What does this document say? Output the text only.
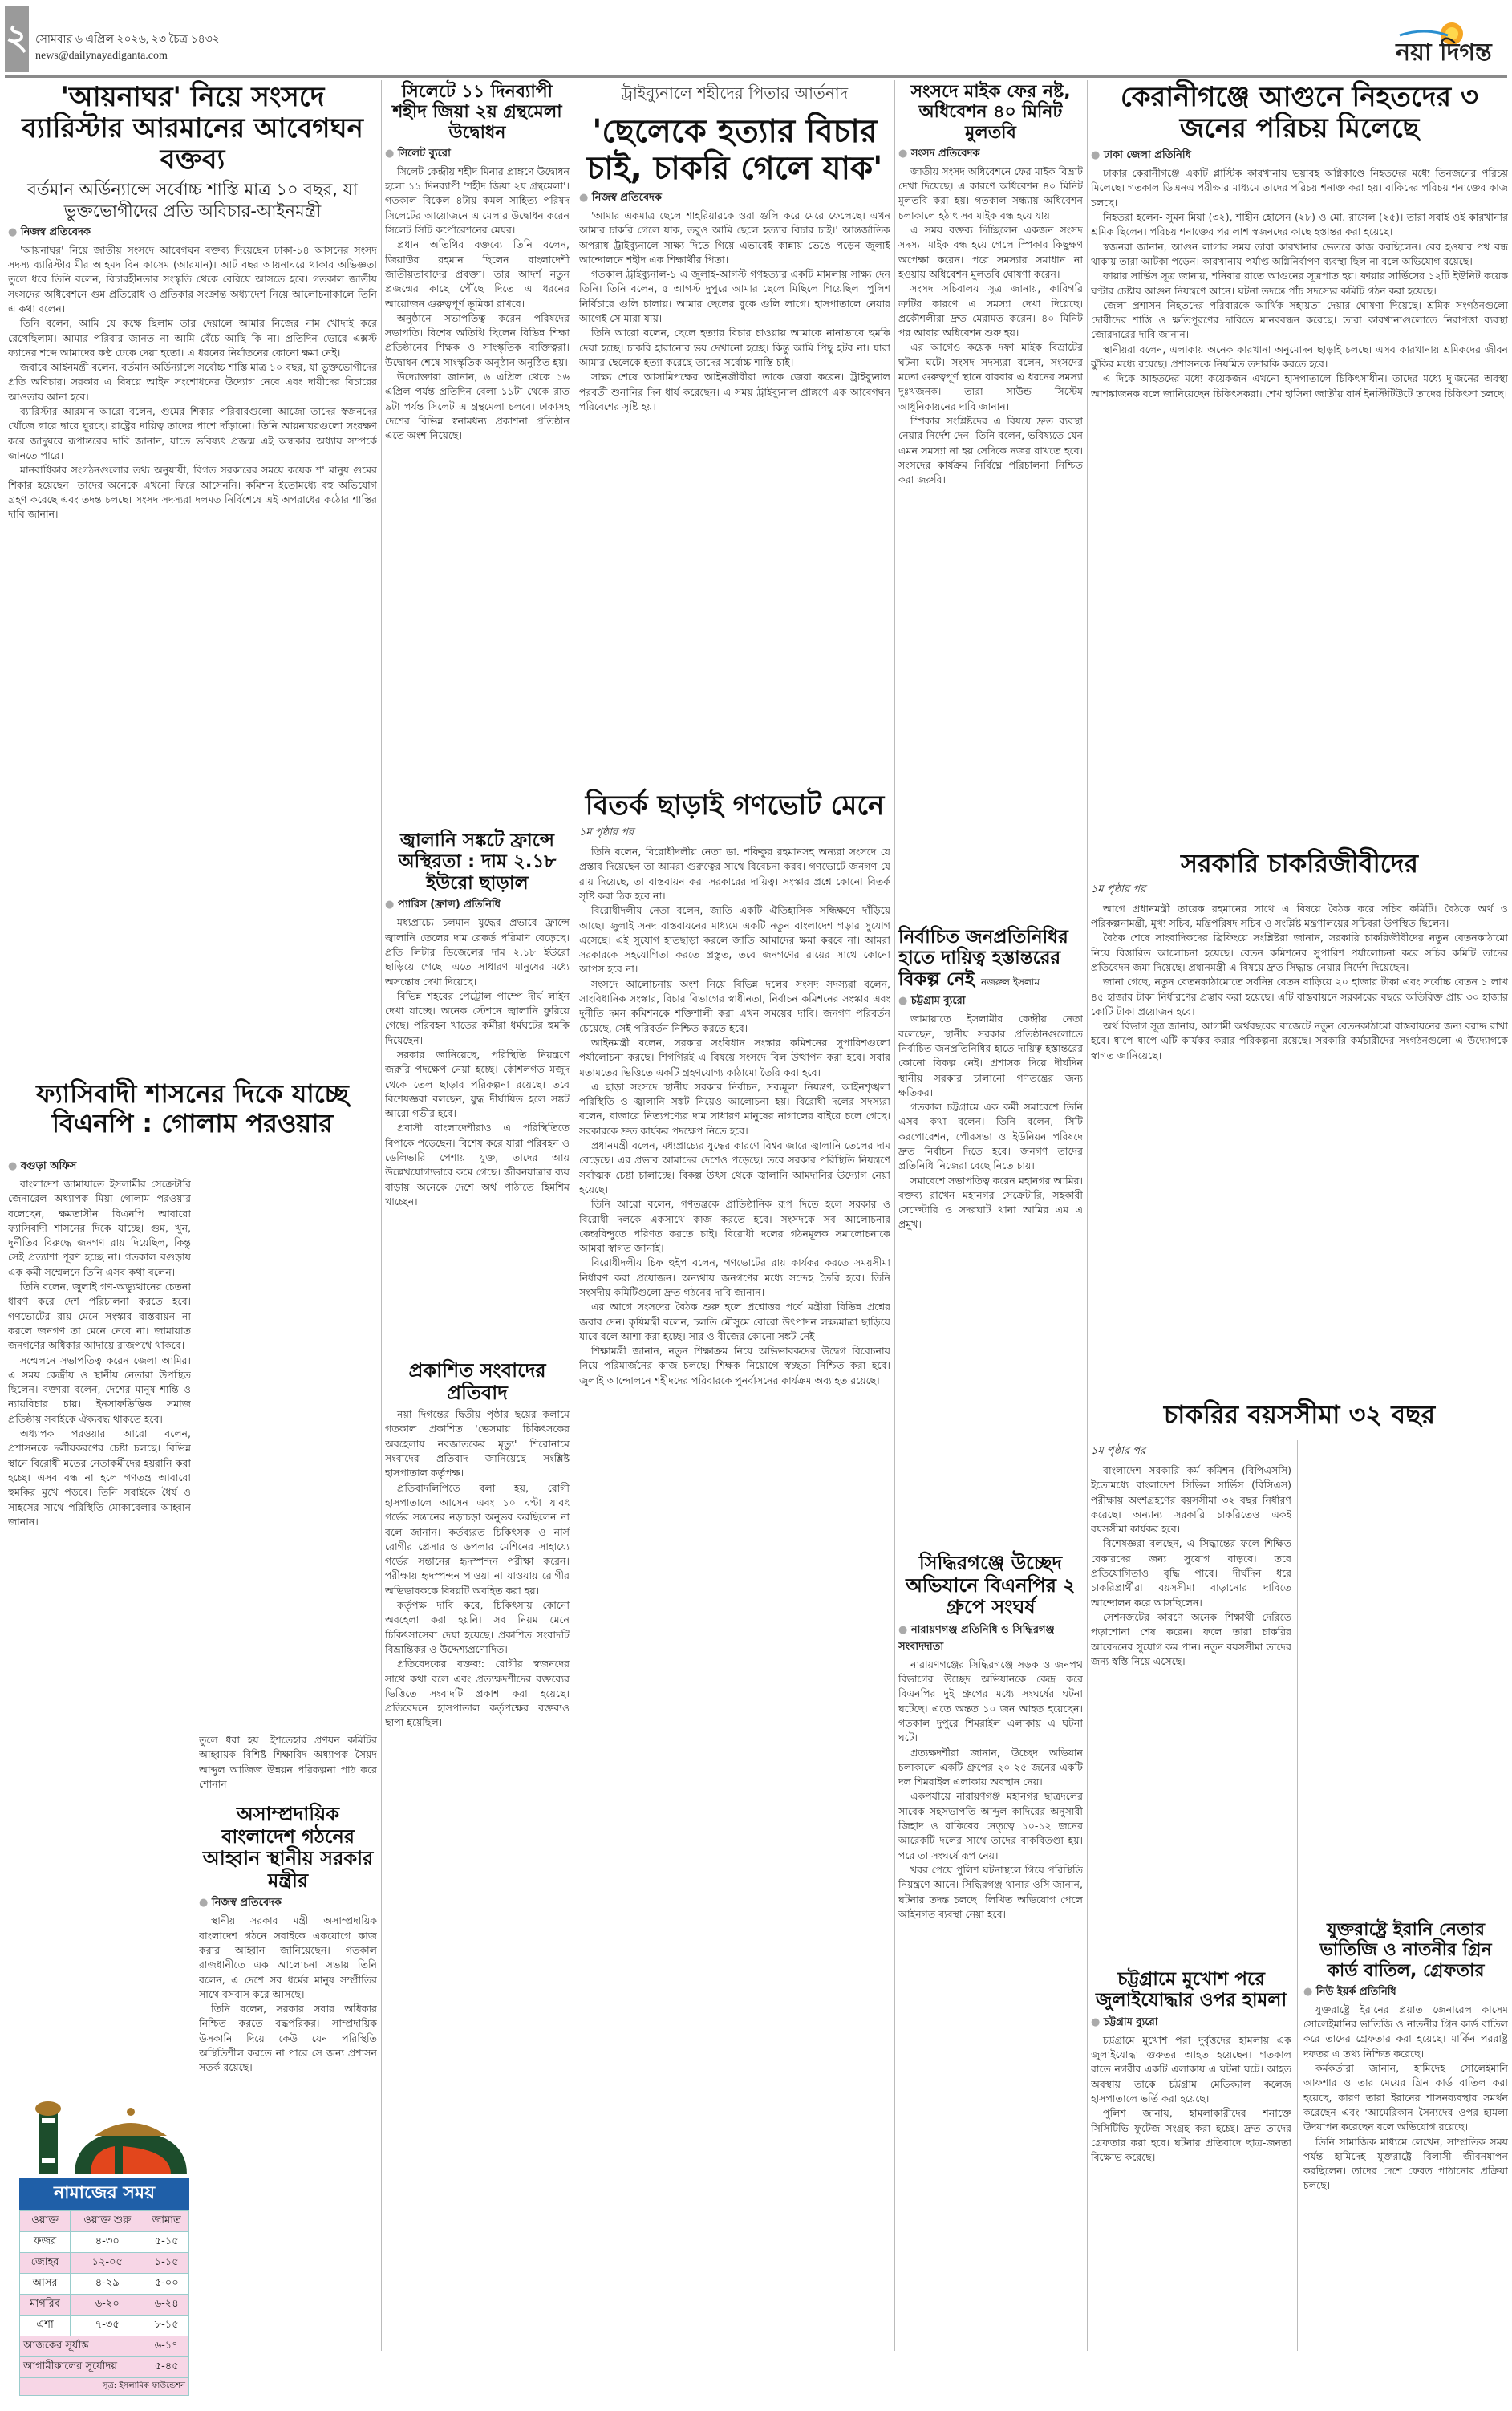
২ সোমবার ৬ এপ্রিল ২০২৬, ২৩ চৈত্র ১৪৩২
news@dailynayadiganta.com	নয়া দিগন্ত
'আয়নাঘর' নিয়ে সংসদে ব্যারিস্টার আরমানের আবেগঘন বক্তব্য
বর্তমান অর্ডিন্যান্সে সর্বোচ্চ শাস্তি মাত্র ১০ বছর, যা ভুক্তভোগীদের প্রতি অবিচার-আইনমন্ত্রী
● নিজস্ব প্রতিবেদক

'আয়নাঘর' নিয়ে জাতীয় সংসদে আবেগঘন বক্তব্য দিয়েছেন ঢাকা-১৪ আসনের সংসদ সদস্য ব্যারিস্টার মীর আহমদ বিন কাসেম (আরমান)। আট বছর আয়নাঘরে থাকার অভিজ্ঞতা তুলে ধরে তিনি বলেন, বিচারহীনতার সংস্কৃতি থেকে বেরিয়ে আসতে হবে। গতকাল জাতীয় সংসদের অধিবেশনে গুম প্রতিরোধ ও প্রতিকার সংক্রান্ত অধ্যাদেশ নিয়ে আলোচনাকালে তিনি এ কথা বলেন।

তিনি বলেন, আমি যে কক্ষে ছিলাম তার দেয়ালে আমার নিজের নাম খোদাই করে রেখেছিলাম। আমার পরিবার জানত না আমি বেঁচে আছি কি না। প্রতিদিন ভোরে এক্সস্ট ফ্যানের শব্দে আমাদের কণ্ঠ ঢেকে দেয়া হতো। এ ধরনের নির্যাতনের কোনো ক্ষমা নেই।

জবাবে আইনমন্ত্রী বলেন, বর্তমান অর্ডিন্যান্সে সর্বোচ্চ শাস্তি মাত্র ১০ বছর, যা ভুক্তভোগীদের প্রতি অবিচার। সরকার এ বিষয়ে আইন সংশোধনের উদ্যোগ নেবে এবং দায়ীদের বিচারের আওতায় আনা হবে।

ব্যারিস্টার আরমান আরো বলেন, গুমের শিকার পরিবারগুলো আজো তাদের স্বজনদের খোঁজে দ্বারে দ্বারে ঘুরছে। রাষ্ট্রের দায়িত্ব তাদের পাশে দাঁড়ানো। তিনি আয়নাঘরগুলো সংরক্ষণ করে জাদুঘরে রূপান্তরের দাবি জানান, যাতে ভবিষ্যৎ প্রজন্ম এই অন্ধকার অধ্যায় সম্পর্কে জানতে পারে।

মানবাধিকার সংগঠনগুলোর তথ্য অনুযায়ী, বিগত সরকারের সময়ে কয়েক শ' মানুষ গুমের শিকার হয়েছেন। তাদের অনেকে এখনো ফিরে আসেননি। কমিশন ইতোমধ্যে বহু অভিযোগ গ্রহণ করেছে এবং তদন্ত চলছে। সংসদ সদস্যরা দলমত নির্বিশেষে এই অপরাধের কঠোর শাস্তির দাবি জানান।

ফ্যাসিবাদী শাসনের দিকে যাচ্ছে বিএনপি : গোলাম পরওয়ার
● বগুড়া অফিস

বাংলাদেশ জামায়াতে ইসলামীর সেক্রেটারি জেনারেল অধ্যাপক মিয়া গোলাম পরওয়ার বলেছেন, ক্ষমতাসীন বিএনপি আবারো ফ্যাসিবাদী শাসনের দিকে যাচ্ছে। গুম, খুন, দুর্নীতির বিরুদ্ধে জনগণ রায় দিয়েছিল, কিন্তু সেই প্রত্যাশা পূরণ হচ্ছে না। গতকাল বগুড়ায় এক কর্মী সম্মেলনে তিনি এসব কথা বলেন।

তিনি বলেন, জুলাই গণ-অভ্যুত্থানের চেতনা ধারণ করে দেশ পরিচালনা করতে হবে। গণভোটের রায় মেনে সংস্কার বাস্তবায়ন না করলে জনগণ তা মেনে নেবে না। জামায়াত জনগণের অধিকার আদায়ে রাজপথে থাকবে।

সম্মেলনে সভাপতিত্ব করেন জেলা আমির। এ সময় কেন্দ্রীয় ও স্থানীয় নেতারা উপস্থিত ছিলেন। বক্তারা বলেন, দেশের মানুষ শান্তি ও ন্যায়বিচার চায়। ইনসাফভিত্তিক সমাজ প্রতিষ্ঠায় সবাইকে ঐক্যবদ্ধ থাকতে হবে।

অধ্যাপক পরওয়ার আরো বলেন, প্রশাসনকে দলীয়করণের চেষ্টা চলছে। বিভিন্ন স্থানে বিরোধী মতের নেতাকর্মীদের হয়রানি করা হচ্ছে। এসব বন্ধ না হলে গণতন্ত্র আবারো হুমকির মুখে পড়বে। তিনি সবাইকে ধৈর্য ও সাহসের সাথে পরিস্থিতি মোকাবেলার আহ্বান জানান।

তুলে ধরা হয়। ইশতেহার প্রণয়ন কমিটির আহ্বায়ক বিশিষ্ট শিক্ষাবিদ অধ্যাপক সৈয়দ আব্দুল আজিজ উন্নয়ন পরিকল্পনা পাঠ করে শোনান।
অসাম্প্রদায়িক বাংলাদেশ গঠনের আহ্বান স্থানীয় সরকার মন্ত্রীর
● নিজস্ব প্রতিবেদক

স্থানীয় সরকার মন্ত্রী অসাম্প্রদায়িক বাংলাদেশ গঠনে সবাইকে একযোগে কাজ করার আহ্বান জানিয়েছেন। গতকাল রাজধানীতে এক আলোচনা সভায় তিনি বলেন, এ দেশে সব ধর্মের মানুষ সম্প্রীতির সাথে বসবাস করে আসছে।

তিনি বলেন, সরকার সবার অধিকার নিশ্চিত করতে বদ্ধপরিকর। সাম্প্রদায়িক উসকানি দিয়ে কেউ যেন পরিস্থিতি অস্থিতিশীল করতে না পারে সে জন্য প্রশাসন সতর্ক রয়েছে।

নামাজের সময়
ওয়াক্ত	ওয়াক্ত শুরু	জামাত
ফজর	৪-৩০	৫-১৫
জোহর	১২-০৫	১-১৫
আসর	৪-২৯	৫-০০
মাগরিব	৬-২০	৬-২৪
এশা	৭-৩৫	৮-১৫
আজকের সূর্যাস্ত		৬-১৭
আগামীকালের সূর্যোদয়		৫-৪৫
সূত্র: ইসলামিক ফাউন্ডেশন		
সিলেটে ১১ দিনব্যাপী শহীদ জিয়া ২য় গ্রন্থমেলা উদ্বোধন
● সিলেট ব্যুরো

সিলেট কেন্দ্রীয় শহীদ মিনার প্রাঙ্গণে উদ্বোধন হলো ১১ দিনব্যাপী 'শহীদ জিয়া ২য় গ্রন্থমেলা'। গতকাল বিকেল ৪টায় কমল সাহিত্য পরিষদ সিলেটের আয়োজনে এ মেলার উদ্বোধন করেন সিলেট সিটি কর্পোরেশনের মেয়র।

প্রধান অতিথির বক্তব্যে তিনি বলেন, জিয়াউর রহমান ছিলেন বাংলাদেশী জাতীয়তাবাদের প্রবক্তা। তার আদর্শ নতুন প্রজন্মের কাছে পৌঁছে দিতে এ ধরনের আয়োজন গুরুত্বপূর্ণ ভূমিকা রাখবে।

অনুষ্ঠানে সভাপতিত্ব করেন পরিষদের সভাপতি। বিশেষ অতিথি ছিলেন বিভিন্ন শিক্ষা প্রতিষ্ঠানের শিক্ষক ও সাংস্কৃতিক ব্যক্তিত্বরা। উদ্বোধন শেষে সাংস্কৃতিক অনুষ্ঠান অনুষ্ঠিত হয়।

উদ্যোক্তারা জানান, ৬ এপ্রিল থেকে ১৬ এপ্রিল পর্যন্ত প্রতিদিন বেলা ১১টা থেকে রাত ৯টা পর্যন্ত সিলেট এ গ্রন্থমেলা চলবে। ঢাকাসহ দেশের বিভিন্ন স্বনামধন্য প্রকাশনা প্রতিষ্ঠান এতে অংশ নিয়েছে।

জ্বালানি সঙ্কটে ফ্রান্সে অস্থিরতা : দাম ২.১৮ ইউরো ছাড়াল
● প্যারিস (ফ্রান্স) প্রতিনিধি

মধ্যপ্রাচ্যে চলমান যুদ্ধের প্রভাবে ফ্রান্সে জ্বালানি তেলের দাম রেকর্ড পরিমাণ বেড়েছে। প্রতি লিটার ডিজেলের দাম ২.১৮ ইউরো ছাড়িয়ে গেছে। এতে সাধারণ মানুষের মধ্যে অসন্তোষ দেখা দিয়েছে।

বিভিন্ন শহরের পেট্রোল পাম্পে দীর্ঘ লাইন দেখা যাচ্ছে। অনেক স্টেশনে জ্বালানি ফুরিয়ে গেছে। পরিবহন খাতের কর্মীরা ধর্মঘটের হুমকি দিয়েছেন।

সরকার জানিয়েছে, পরিস্থিতি নিয়ন্ত্রণে জরুরি পদক্ষেপ নেয়া হচ্ছে। কৌশলগত মজুদ থেকে তেল ছাড়ার পরিকল্পনা রয়েছে। তবে বিশেষজ্ঞরা বলছেন, যুদ্ধ দীর্ঘায়িত হলে সঙ্কট আরো গভীর হবে।

প্রবাসী বাংলাদেশীরাও এ পরিস্থিতিতে বিপাকে পড়েছেন। বিশেষ করে যারা পরিবহন ও ডেলিভারি পেশায় যুক্ত, তাদের আয় উল্লেখযোগ্যভাবে কমে গেছে। জীবনযাত্রার ব্যয় বাড়ায় অনেকে দেশে অর্থ পাঠাতে হিমশিম খাচ্ছেন।

প্রকাশিত সংবাদের প্রতিবাদ

নয়া দিগন্তের দ্বিতীয় পৃষ্ঠার ছয়ের কলামে গতকাল প্রকাশিত 'ভেসমায় চিকিৎসকের অবহেলায় নবজাতকের মৃত্যু' শিরোনামে সংবাদের প্রতিবাদ জানিয়েছে সংশ্লিষ্ট হাসপাতাল কর্তৃপক্ষ।

প্রতিবাদলিপিতে বলা হয়, রোগী হাসপাতালে আসেন এবং ১০ ঘণ্টা যাবৎ গর্ভের সন্তানের নড়াচড়া অনুভব করছিলেন না বলে জানান। কর্তব্যরত চিকিৎসক ও নার্স রোগীর প্রেসার ও ডপলার মেশিনের সাহায্যে গর্ভের সন্তানের হৃদস্পন্দন পরীক্ষা করেন। পরীক্ষায় হৃদস্পন্দন পাওয়া না যাওয়ায় রোগীর অভিভাবককে বিষয়টি অবহিত করা হয়।

কর্তৃপক্ষ দাবি করে, চিকিৎসায় কোনো অবহেলা করা হয়নি। সব নিয়ম মেনে চিকিৎসাসেবা দেয়া হয়েছে। প্রকাশিত সংবাদটি বিভ্রান্তিকর ও উদ্দেশ্যপ্রণোদিত।

প্রতিবেদকের বক্তব্য: রোগীর স্বজনদের সাথে কথা বলে এবং প্রত্যক্ষদর্শীদের বক্তব্যের ভিত্তিতে সংবাদটি প্রকাশ করা হয়েছে। প্রতিবেদনে হাসপাতাল কর্তৃপক্ষের বক্তব্যও ছাপা হয়েছিল।

ট্রাইব্যুনালে শহীদের পিতার আর্তনাদ
'ছেলেকে হত্যার বিচার চাই, চাকরি গেলে যাক'
● নিজস্ব প্রতিবেদক

'আমার একমাত্র ছেলে শাহরিয়ারকে ওরা গুলি করে মেরে ফেলেছে। এখন আমার চাকরি গেলে যাক, তবুও আমি ছেলে হত্যার বিচার চাই।' আন্তর্জাতিক অপরাধ ট্রাইব্যুনালে সাক্ষ্য দিতে গিয়ে এভাবেই কান্নায় ভেঙে পড়েন জুলাই আন্দোলনে শহীদ এক শিক্ষার্থীর পিতা।

গতকাল ট্রাইব্যুনাল-১ এ জুলাই-আগস্ট গণহত্যার একটি মামলায় সাক্ষ্য দেন তিনি। তিনি বলেন, ৫ আগস্ট দুপুরে আমার ছেলে মিছিলে গিয়েছিল। পুলিশ নির্বিচারে গুলি চালায়। আমার ছেলের বুকে গুলি লাগে। হাসপাতালে নেয়ার আগেই সে মারা যায়।

তিনি আরো বলেন, ছেলে হত্যার বিচার চাওয়ায় আমাকে নানাভাবে হুমকি দেয়া হচ্ছে। চাকরি হারানোর ভয় দেখানো হচ্ছে। কিন্তু আমি পিছু হটব না। যারা আমার ছেলেকে হত্যা করেছে তাদের সর্বোচ্চ শাস্তি চাই।

সাক্ষ্য শেষে আসামিপক্ষের আইনজীবীরা তাকে জেরা করেন। ট্রাইব্যুনাল পরবর্তী শুনানির দিন ধার্য করেছেন। এ সময় ট্রাইব্যুনাল প্রাঙ্গণে এক আবেগঘন পরিবেশের সৃষ্টি হয়।

বিতর্ক ছাড়াই গণভোট মেনে
১ম পৃষ্ঠার পর

তিনি বলেন, বিরোধীদলীয় নেতা ডা. শফিকুর রহমানসহ অন্যরা সংসদে যে প্রস্তাব দিয়েছেন তা আমরা গুরুত্বের সাথে বিবেচনা করব। গণভোটে জনগণ যে রায় দিয়েছে, তা বাস্তবায়ন করা সরকারের দায়িত্ব। সংস্কার প্রশ্নে কোনো বিতর্ক সৃষ্টি করা ঠিক হবে না।

বিরোধীদলীয় নেতা বলেন, জাতি একটি ঐতিহাসিক সন্ধিক্ষণে দাঁড়িয়ে আছে। জুলাই সনদ বাস্তবায়নের মাধ্যমে একটি নতুন বাংলাদেশ গড়ার সুযোগ এসেছে। এই সুযোগ হাতছাড়া করলে জাতি আমাদের ক্ষমা করবে না। আমরা সরকারকে সহযোগিতা করতে প্রস্তুত, তবে জনগণের রায়ের সাথে কোনো আপস হবে না।

সংসদে আলোচনায় অংশ নিয়ে বিভিন্ন দলের সংসদ সদস্যরা বলেন, সাংবিধানিক সংস্কার, বিচার বিভাগের স্বাধীনতা, নির্বাচন কমিশনের সংস্কার এবং দুর্নীতি দমন কমিশনকে শক্তিশালী করা এখন সময়ের দাবি। জনগণ পরিবর্তন চেয়েছে, সেই পরিবর্তন নিশ্চিত করতে হবে।

আইনমন্ত্রী বলেন, সরকার সংবিধান সংস্কার কমিশনের সুপারিশগুলো পর্যালোচনা করছে। শিগগিরই এ বিষয়ে সংসদে বিল উত্থাপন করা হবে। সবার মতামতের ভিত্তিতে একটি গ্রহণযোগ্য কাঠামো তৈরি করা হবে।

এ ছাড়া সংসদে স্থানীয় সরকার নির্বাচন, দ্রব্যমূল্য নিয়ন্ত্রণ, আইনশৃঙ্খলা পরিস্থিতি ও জ্বালানি সঙ্কট নিয়েও আলোচনা হয়। বিরোধী দলের সদস্যরা বলেন, বাজারে নিত্যপণ্যের দাম সাধারণ মানুষের নাগালের বাইরে চলে গেছে। সরকারকে দ্রুত কার্যকর পদক্ষেপ নিতে হবে।

প্রধানমন্ত্রী বলেন, মধ্যপ্রাচ্যের যুদ্ধের কারণে বিশ্ববাজারে জ্বালানি তেলের দাম বেড়েছে। এর প্রভাব আমাদের দেশেও পড়েছে। তবে সরকার পরিস্থিতি নিয়ন্ত্রণে সর্বাত্মক চেষ্টা চালাচ্ছে। বিকল্প উৎস থেকে জ্বালানি আমদানির উদ্যোগ নেয়া হয়েছে।

তিনি আরো বলেন, গণতন্ত্রকে প্রাতিষ্ঠানিক রূপ দিতে হলে সরকার ও বিরোধী দলকে একসাথে কাজ করতে হবে। সংসদকে সব আলোচনার কেন্দ্রবিন্দুতে পরিণত করতে চাই। বিরোধী দলের গঠনমূলক সমালোচনাকে আমরা স্বাগত জানাই।

বিরোধীদলীয় চিফ হুইপ বলেন, গণভোটের রায় কার্যকর করতে সময়সীমা নির্ধারণ করা প্রয়োজন। অন্যথায় জনগণের মধ্যে সন্দেহ তৈরি হবে। তিনি সংসদীয় কমিটিগুলো দ্রুত গঠনের দাবি জানান।

এর আগে সংসদের বৈঠক শুরু হলে প্রশ্নোত্তর পর্বে মন্ত্রীরা বিভিন্ন প্রশ্নের জবাব দেন। কৃষিমন্ত্রী বলেন, চলতি মৌসুমে বোরো উৎপাদন লক্ষ্যমাত্রা ছাড়িয়ে যাবে বলে আশা করা হচ্ছে। সার ও বীজের কোনো সঙ্কট নেই।

শিক্ষামন্ত্রী জানান, নতুন শিক্ষাক্রম নিয়ে অভিভাবকদের উদ্বেগ বিবেচনায় নিয়ে পরিমার্জনের কাজ চলছে। শিক্ষক নিয়োগে স্বচ্ছতা নিশ্চিত করা হবে। জুলাই আন্দোলনে শহীদদের পরিবারকে পুনর্বাসনের কার্যক্রম অব্যাহত রয়েছে।

সংসদে মাইক ফের নষ্ট, অধিবেশন ৪০ মিনিট মুলতবি
● সংসদ প্রতিবেদক

জাতীয় সংসদ অধিবেশনে ফের মাইক বিভ্রাট দেখা দিয়েছে। এ কারণে অধিবেশন ৪০ মিনিট মুলতবি করা হয়। গতকাল সন্ধ্যায় অধিবেশন চলাকালে হঠাৎ সব মাইক বন্ধ হয়ে যায়।

এ সময় বক্তব্য দিচ্ছিলেন একজন সংসদ সদস্য। মাইক বন্ধ হয়ে গেলে স্পিকার কিছুক্ষণ অপেক্ষা করেন। পরে সমস্যার সমাধান না হওয়ায় অধিবেশন মুলতবি ঘোষণা করেন।

সংসদ সচিবালয় সূত্র জানায়, কারিগরি ত্রুটির কারণে এ সমস্যা দেখা দিয়েছে। প্রকৌশলীরা দ্রুত মেরামত করেন। ৪০ মিনিট পর আবার অধিবেশন শুরু হয়।

এর আগেও কয়েক দফা মাইক বিভ্রাটের ঘটনা ঘটে। সংসদ সদস্যরা বলেন, সংসদের মতো গুরুত্বপূর্ণ স্থানে বারবার এ ধরনের সমস্যা দুঃখজনক। তারা সাউন্ড সিস্টেম আধুনিকায়নের দাবি জানান।

স্পিকার সংশ্লিষ্টদের এ বিষয়ে দ্রুত ব্যবস্থা নেয়ার নির্দেশ দেন। তিনি বলেন, ভবিষ্যতে যেন এমন সমস্যা না হয় সেদিকে নজর রাখতে হবে। সংসদের কার্যক্রম নির্বিঘ্নে পরিচালনা নিশ্চিত করা জরুরি।

নির্বাচিত জনপ্রতিনিধির হাতে দায়িত্ব হস্তান্তরের বিকল্প নেই নজরুল ইসলাম
● চট্টগ্রাম ব্যুরো

জামায়াতে ইসলামীর কেন্দ্রীয় নেতা বলেছেন, স্থানীয় সরকার প্রতিষ্ঠানগুলোতে নির্বাচিত জনপ্রতিনিধির হাতে দায়িত্ব হস্তান্তরের কোনো বিকল্প নেই। প্রশাসক দিয়ে দীর্ঘদিন স্থানীয় সরকার চালানো গণতন্ত্রের জন্য ক্ষতিকর।

গতকাল চট্টগ্রামে এক কর্মী সমাবেশে তিনি এসব কথা বলেন। তিনি বলেন, সিটি করপোরেশন, পৌরসভা ও ইউনিয়ন পরিষদে দ্রুত নির্বাচন দিতে হবে। জনগণ তাদের প্রতিনিধি নিজেরা বেছে নিতে চায়।

সমাবেশে সভাপতিত্ব করেন মহানগর আমির। বক্তব্য রাখেন মহানগর সেক্রেটারি, সহকারী সেক্রেটারি ও সদরঘাট থানা আমির এম এ প্রমুখ।

সিদ্ধিরগঞ্জে উচ্ছেদ অভিযানে বিএনপির ২ গ্রুপে সংঘর্ষ
● নারায়ণগঞ্জ প্রতিনিধি ও সিদ্ধিরগঞ্জ সংবাদদাতা

নারায়ণগঞ্জের সিদ্ধিরগঞ্জে সড়ক ও জনপথ বিভাগের উচ্ছেদ অভিযানকে কেন্দ্র করে বিএনপির দুই গ্রুপের মধ্যে সংঘর্ষের ঘটনা ঘটেছে। এতে অন্তত ১০ জন আহত হয়েছেন। গতকাল দুপুরে শিমরাইল এলাকায় এ ঘটনা ঘটে।

প্রত্যক্ষদর্শীরা জানান, উচ্ছেদ অভিযান চলাকালে একটি গ্রুপের ২০-২৫ জনের একটি দল শিমরাইল এলাকায় অবস্থান নেয়।

একপর্যায়ে নারায়ণগঞ্জ মহানগর ছাত্রদলের সাবেক সহসভাপতি আব্দুল কাদিরের অনুসারী জিহাদ ও রাকিবের নেতৃত্বে ১০-১২ জনের আরেকটি দলের সাথে তাদের বাকবিতণ্ডা হয়। পরে তা সংঘর্ষে রূপ নেয়।

খবর পেয়ে পুলিশ ঘটনাস্থলে গিয়ে পরিস্থিতি নিয়ন্ত্রণে আনে। সিদ্ধিরগঞ্জ থানার ওসি জানান, ঘটনার তদন্ত চলছে। লিখিত অভিযোগ পেলে আইনগত ব্যবস্থা নেয়া হবে।

কেরানীগঞ্জে আগুনে নিহতদের ৩ জনের পরিচয় মিলেছে
● ঢাকা জেলা প্রতিনিধি

ঢাকার কেরানীগঞ্জে একটি প্লাস্টিক কারখানায় ভয়াবহ অগ্নিকাণ্ডে নিহতদের মধ্যে তিনজনের পরিচয় মিলেছে। গতকাল ডিএনএ পরীক্ষার মাধ্যমে তাদের পরিচয় শনাক্ত করা হয়। বাকিদের পরিচয় শনাক্তের কাজ চলছে।

নিহতরা হলেন- সুমন মিয়া (৩২), শাহীন হোসেন (২৮) ও মো. রাসেল (২৫)। তারা সবাই ওই কারখানার শ্রমিক ছিলেন। পরিচয় শনাক্তের পর লাশ স্বজনদের কাছে হস্তান্তর করা হয়েছে।

স্বজনরা জানান, আগুন লাগার সময় তারা কারখানার ভেতরে কাজ করছিলেন। বের হওয়ার পথ বন্ধ থাকায় তারা আটকা পড়েন। কারখানায় পর্যাপ্ত অগ্নিনির্বাপণ ব্যবস্থা ছিল না বলে অভিযোগ রয়েছে।

ফায়ার সার্ভিস সূত্র জানায়, শনিবার রাতে আগুনের সূত্রপাত হয়। ফায়ার সার্ভিসের ১২টি ইউনিট কয়েক ঘণ্টার চেষ্টায় আগুন নিয়ন্ত্রণে আনে। ঘটনা তদন্তে পাঁচ সদস্যের কমিটি গঠন করা হয়েছে।

জেলা প্রশাসন নিহতদের পরিবারকে আর্থিক সহায়তা দেয়ার ঘোষণা দিয়েছে। শ্রমিক সংগঠনগুলো দোষীদের শাস্তি ও ক্ষতিপূরণের দাবিতে মানববন্ধন করেছে। তারা কারখানাগুলোতে নিরাপত্তা ব্যবস্থা জোরদারের দাবি জানান।

স্থানীয়রা বলেন, এলাকায় অনেক কারখানা অনুমোদন ছাড়াই চলছে। এসব কারখানায় শ্রমিকদের জীবন ঝুঁকির মধ্যে রয়েছে। প্রশাসনকে নিয়মিত তদারকি করতে হবে।

এ দিকে আহতদের মধ্যে কয়েকজন এখনো হাসপাতালে চিকিৎসাধীন। তাদের মধ্যে দু'জনের অবস্থা আশঙ্কাজনক বলে জানিয়েছেন চিকিৎসকরা। শেখ হাসিনা জাতীয় বার্ন ইনস্টিটিউটে তাদের চিকিৎসা চলছে।

সরকারি চাকরিজীবীদের
১ম পৃষ্ঠার পর

আগে প্রধানমন্ত্রী তারেক রহমানের সাথে এ বিষয়ে বৈঠক করে সচিব কমিটি। বৈঠকে অর্থ ও পরিকল্পনামন্ত্রী, মুখ্য সচিব, মন্ত্রিপরিষদ সচিব ও সংশ্লিষ্ট মন্ত্রণালয়ের সচিবরা উপস্থিত ছিলেন।

বৈঠক শেষে সাংবাদিকদের ব্রিফিংয়ে সংশ্লিষ্টরা জানান, সরকারি চাকরিজীবীদের নতুন বেতনকাঠামো নিয়ে বিস্তারিত আলোচনা হয়েছে। বেতন কমিশনের সুপারিশ পর্যালোচনা করে সচিব কমিটি তাদের প্রতিবেদন জমা দিয়েছে। প্রধানমন্ত্রী এ বিষয়ে দ্রুত সিদ্ধান্ত নেয়ার নির্দেশ দিয়েছেন।

জানা গেছে, নতুন বেতনকাঠামোতে সর্বনিম্ন বেতন বাড়িয়ে ২০ হাজার টাকা এবং সর্বোচ্চ বেতন ১ লাখ ৪৫ হাজার টাকা নির্ধারণের প্রস্তাব করা হয়েছে। এটি বাস্তবায়নে সরকারের বছরে অতিরিক্ত প্রায় ৩০ হাজার কোটি টাকা প্রয়োজন হবে।

অর্থ বিভাগ সূত্র জানায়, আগামী অর্থবছরের বাজেটে নতুন বেতনকাঠামো বাস্তবায়নের জন্য বরাদ্দ রাখা হবে। ধাপে ধাপে এটি কার্যকর করার পরিকল্পনা রয়েছে। সরকারি কর্মচারীদের সংগঠনগুলো এ উদ্যোগকে স্বাগত জানিয়েছে।

চাকরির বয়সসীমা ৩২ বছর
১ম পৃষ্ঠার পর

বাংলাদেশ সরকারি কর্ম কমিশন (বিপিএসসি) ইতোমধ্যে বাংলাদেশ সিভিল সার্ভিস (বিসিএস) পরীক্ষায় অংশগ্রহণের বয়সসীমা ৩২ বছর নির্ধারণ করেছে। অন্যান্য সরকারি চাকরিতেও একই বয়সসীমা কার্যকর হবে।

বিশেষজ্ঞরা বলছেন, এ সিদ্ধান্তের ফলে শিক্ষিত বেকারদের জন্য সুযোগ বাড়বে। তবে প্রতিযোগিতাও বৃদ্ধি পাবে। দীর্ঘদিন ধরে চাকরিপ্রার্থীরা বয়সসীমা বাড়ানোর দাবিতে আন্দোলন করে আসছিলেন।

সেশনজটের কারণে অনেক শিক্ষার্থী দেরিতে পড়াশোনা শেষ করেন। ফলে তারা চাকরির আবেদনের সুযোগ কম পান। নতুন বয়সসীমা তাদের জন্য স্বস্তি নিয়ে এসেছে।

চট্টগ্রামে মুখোশ পরে জুলাইযোদ্ধার ওপর হামলা
● চট্টগ্রাম ব্যুরো

চট্টগ্রামে মুখোশ পরা দুর্বৃত্তদের হামলায় এক জুলাইযোদ্ধা গুরুতর আহত হয়েছেন। গতকাল রাতে নগরীর একটি এলাকায় এ ঘটনা ঘটে। আহত অবস্থায় তাকে চট্টগ্রাম মেডিক্যাল কলেজ হাসপাতালে ভর্তি করা হয়েছে।

পুলিশ জানায়, হামলাকারীদের শনাক্তে সিসিটিভি ফুটেজ সংগ্রহ করা হচ্ছে। দ্রুত তাদের গ্রেফতার করা হবে। ঘটনার প্রতিবাদে ছাত্র-জনতা বিক্ষোভ করেছে।

যুক্তরাষ্ট্রে ইরানি নেতার ভাতিজি ও নাতনীর গ্রিন কার্ড বাতিল, গ্রেফতার
● নিউ ইয়র্ক প্রতিনিধি

যুক্তরাষ্ট্রে ইরানের প্রয়াত জেনারেল কাসেম সোলেইমানির ভাতিজি ও নাতনীর গ্রিন কার্ড বাতিল করে তাদের গ্রেফতার করা হয়েছে। মার্কিন পররাষ্ট্র দফতর এ তথ্য নিশ্চিত করেছে।

কর্মকর্তারা জানান, হামিদেহ সোলেইমানি আফশার ও তার মেয়ের গ্রিন কার্ড বাতিল করা হয়েছে, কারণ তারা ইরানের শাসনব্যবস্থার সমর্থন করেছেন এবং 'আমেরিকান সৈন্যদের ওপর হামলা উদযাপন করেছেন বলে অভিযোগ রয়েছে।

তিনি সামাজিক মাধ্যমে লেখেন, সাম্প্রতিক সময় পর্যন্ত হামিদেহ যুক্তরাষ্ট্রে বিলাসী জীবনযাপন করছিলেন। তাদের দেশে ফেরত পাঠানোর প্রক্রিয়া চলছে।
